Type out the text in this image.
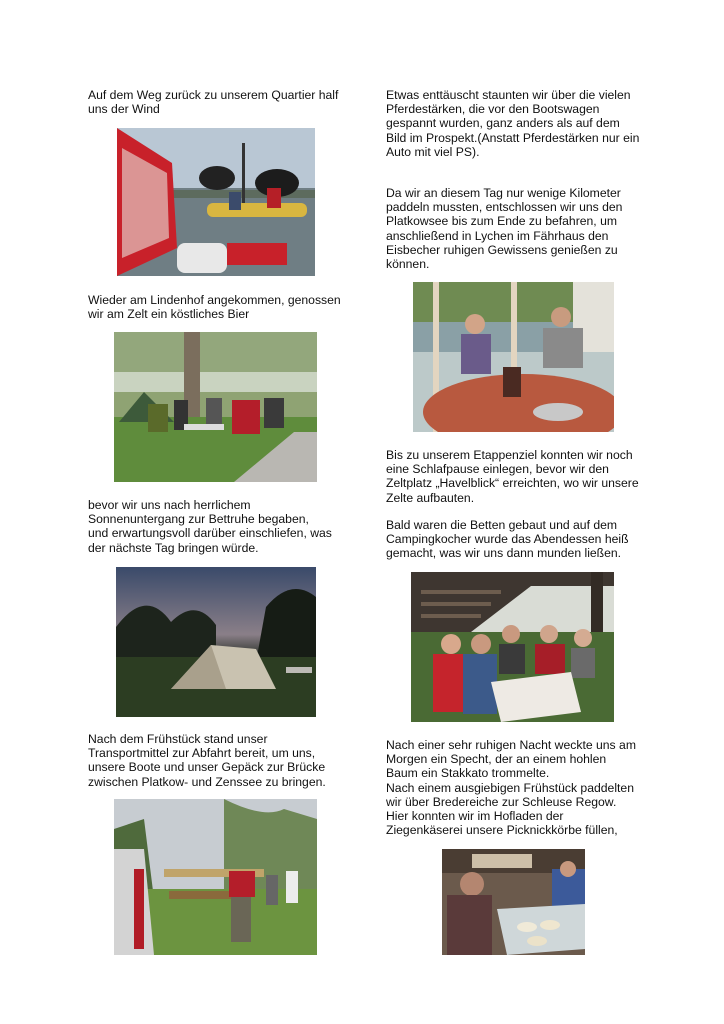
Auf dem Weg zurück zu unserem Quartier half
uns der Wind

Wieder am Lindenhof angekommen, genossen
wir am Zelt ein köstliches Bier

bevor wir uns nach herrlichem
Sonnenuntergang zur Bettruhe begaben,
und erwartungsvoll darüber einschliefen, was
der nächste Tag bringen würde.

Nach dem Frühstück stand unser
Transportmittel zur Abfahrt bereit, um uns,
unsere Boote und unser Gepäck zur Brücke
zwischen Platkow- und Zenssee zu bringen.

Etwas enttäuscht staunten wir über die vielen
Pferdestärken, die vor den Bootswagen
gespannt wurden, ganz anders als auf dem
Bild im Prospekt.(Anstatt Pferdestärken nur ein
Auto mit viel PS).

Da wir an diesem Tag nur wenige Kilometer
paddeln mussten, entschlossen wir uns den
Platkowsee bis zum Ende zu befahren, um
anschließend in Lychen im Fährhaus den
Eisbecher ruhigen Gewissens genießen zu
können.

Bis zu unserem Etappenziel konnten wir noch
eine Schlafpause einlegen, bevor wir den
Zeltplatz „Havelblick“ erreichten, wo wir unsere
Zelte aufbauten.

Bald waren die Betten gebaut und auf dem
Campingkocher wurde das Abendessen heiß
gemacht, was wir uns dann munden ließen.

Nach einer sehr ruhigen Nacht weckte uns am
Morgen ein Specht, der an einem hohlen
Baum ein Stakkato trommelte.
Nach einem ausgiebigen Frühstück paddelten
wir über Bredereiche zur Schleuse Regow.
Hier konnten wir im Hofladen der
Ziegenkäserei unsere Picknickkörbe füllen,
